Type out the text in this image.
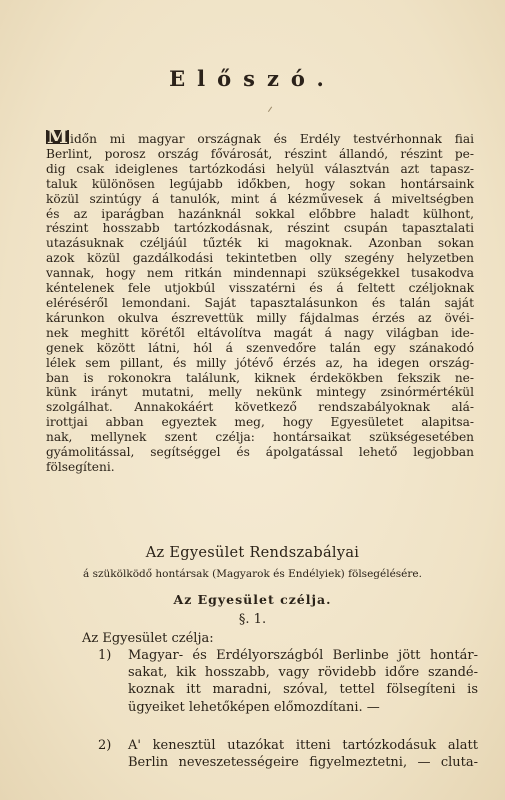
Előszó.
M időn mi magyar országnak és Erdély testvérhonnak fiai
Berlint, porosz ország fővárosát, részint állandó, részint pe-
dig csak ideiglenes tartózkodási helyül választván azt tapasz-
taluk különösen legújabb időkben, hogy sokan hontársaink
közül szintúgy á tanulók, mint á kézművesek á miveltségben
és az iparágban hazánknál sokkal előbbre haladt külhont,
részint hosszabb tartózkodásnak, részint csupán tapasztalati
utazásuknak czéljáúl tűzték ki magoknak. Azonban sokan
azok közül gazdálkodási tekintetben olly szegény helyzetben
vannak, hogy nem ritkán mindennapi szükségekkel tusakodva
kéntelenek fele utjokbúl visszatérni és á feltett czéljoknak
eléréséről lemondani. Saját tapasztalásunkon és talán saját
kárunkon okulva észrevettük milly fájdalmas érzés az övéi-
nek meghitt körétől eltávolítva magát á nagy világban ide-
genek között látni, hól á szenvedőre talán egy szánakodó
lélek sem pillant, és milly jótévő érzés az, ha idegen ország-
ban is rokonokra találunk, kiknek érdekökben fekszik ne-
künk irányt mutatni, melly nekünk mintegy zsinórmértékül
szolgálhat. Annakokáért következő rendszabályoknak alá-
irottjai abban egyeztek meg, hogy Egyesületet alapitsa-
nak, mellynek szent czélja: hontársaikat szükségesetében
gyámolitással, segítséggel és ápolgatással lehető legjobban
fölsegíteni.
Az Egyesület Rendszabályai
á szükölködő hontársak (Magyarok és Endélyiek) fölsegélésére.
Az Egyesület czélja.
§. 1.
Az Egyesület czélja:
1) Magyar- és Erdélyországból Berlinbe jött hontár-
sakat, kik hosszabb, vagy rövidebb időre szandé-
koznak itt maradni, szóval, tettel fölsegíteni is
ügyeiket lehetőképen előmozdítani. —
2) A' kenesztül utazókat itteni tartózkodásuk alatt
Berlin neveszetességeire figyelmeztetni, — cluta-
